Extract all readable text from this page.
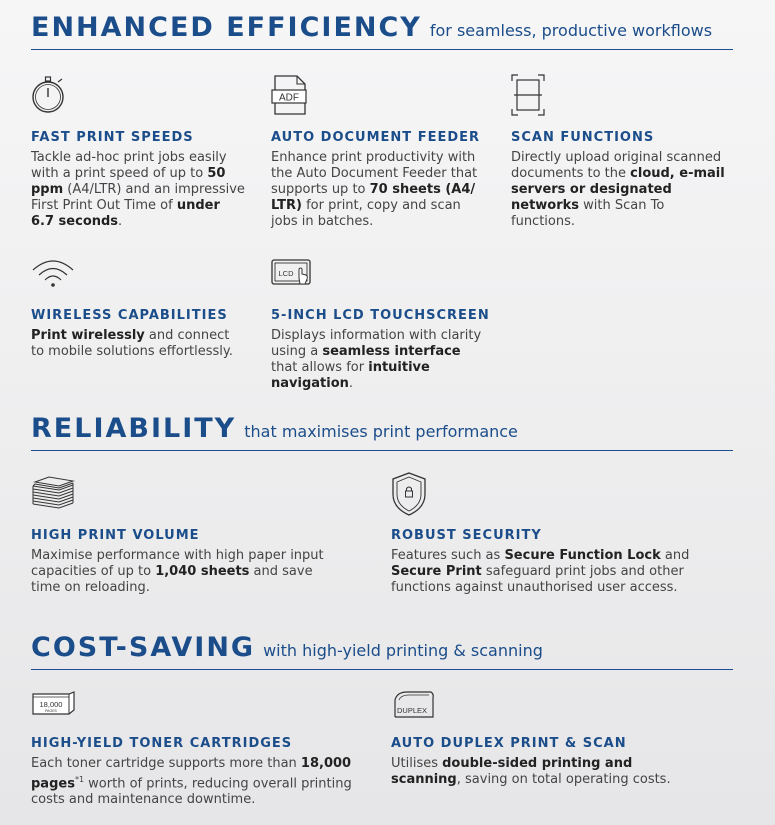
ENHANCED EFFICIENCY for seamless, productive workflows
FAST PRINT SPEEDS

Tackle ad-hoc print jobs easily with a print speed of up to 50 ppm (A4/LTR) and an impressive First Print Out Time of under 6.7 seconds.

ADF
AUTO DOCUMENT FEEDER

Enhance print productivity with the Auto Document Feeder that supports up to 70 sheets (A4/ LTR) for print, copy and scan jobs in batches.

SCAN FUNCTIONS

Directly upload original scanned documents to the cloud, e-mail servers or designated networks with Scan To functions.

WIRELESS CAPABILITIES

Print wirelessly and connect to mobile solutions effortlessly.

LCD
5-INCH LCD TOUCHSCREEN

Displays information with clarity using a seamless interface that allows for intuitive navigation.

RELIABILITY that maximises print performance
HIGH PRINT VOLUME

Maximise performance with high paper input capacities of up to 1,040 sheets and save time on reloading.

ROBUST SECURITY

Features such as Secure Function Lock and Secure Print safeguard print jobs and other functions against unauthorised user access.

COST-SAVING with high-yield printing & scanning
18,000
PAGES
HIGH-YIELD TONER CARTRIDGES

Each toner cartridge supports more than 18,000 pages$^{*1}$ worth of prints, reducing overall printing costs and maintenance downtime.

DUPLEX
AUTO DUPLEX PRINT & SCAN

Utilises double-sided printing and scanning, saving on total operating costs.
